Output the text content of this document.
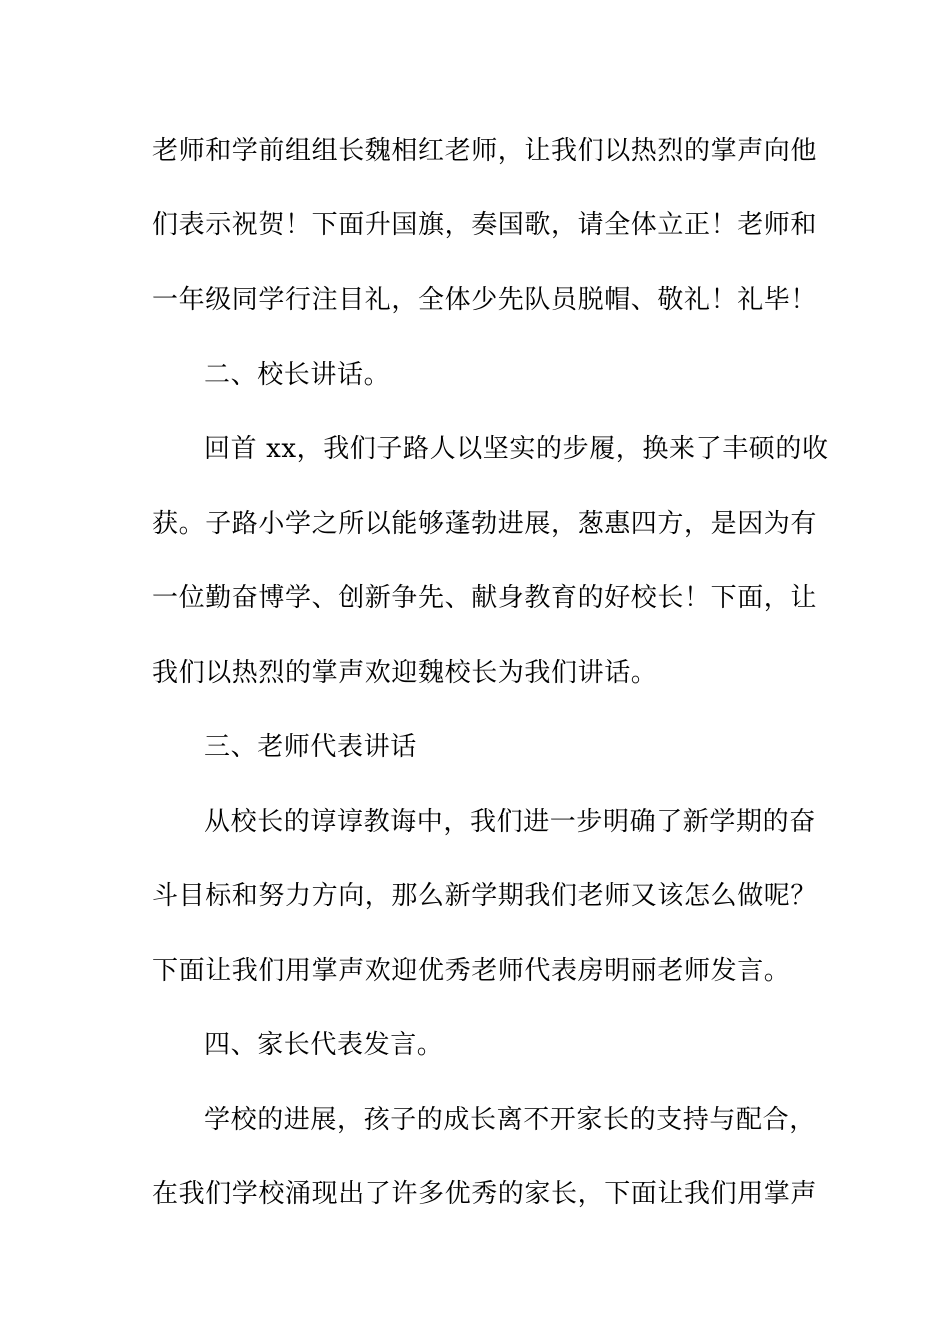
老师和学前组组长魏相红老师，让我们以热烈的掌声向他
们表示祝贺！下面升国旗，奏国歌，请全体立正！老师和
一年级同学行注目礼，全体少先队员脱帽、敬礼！礼毕！
二、校长讲话。
回首 xx，我们子路人以坚实的步履，换来了丰硕的收
获。子路小学之所以能够蓬勃进展，葱惠四方，是因为有
一位勤奋博学、创新争先、献身教育的好校长！下面，让
我们以热烈的掌声欢迎魏校长为我们讲话。
三、老师代表讲话
从校长的谆谆教诲中，我们进一步明确了新学期的奋
斗目标和努力方向，那么新学期我们老师又该怎么做呢？
下面让我们用掌声欢迎优秀老师代表房明丽老师发言。
四、家长代表发言。
学校的进展，孩子的成长离不开家长的支持与配合，
在我们学校涌现出了许多优秀的家长，下面让我们用掌声
